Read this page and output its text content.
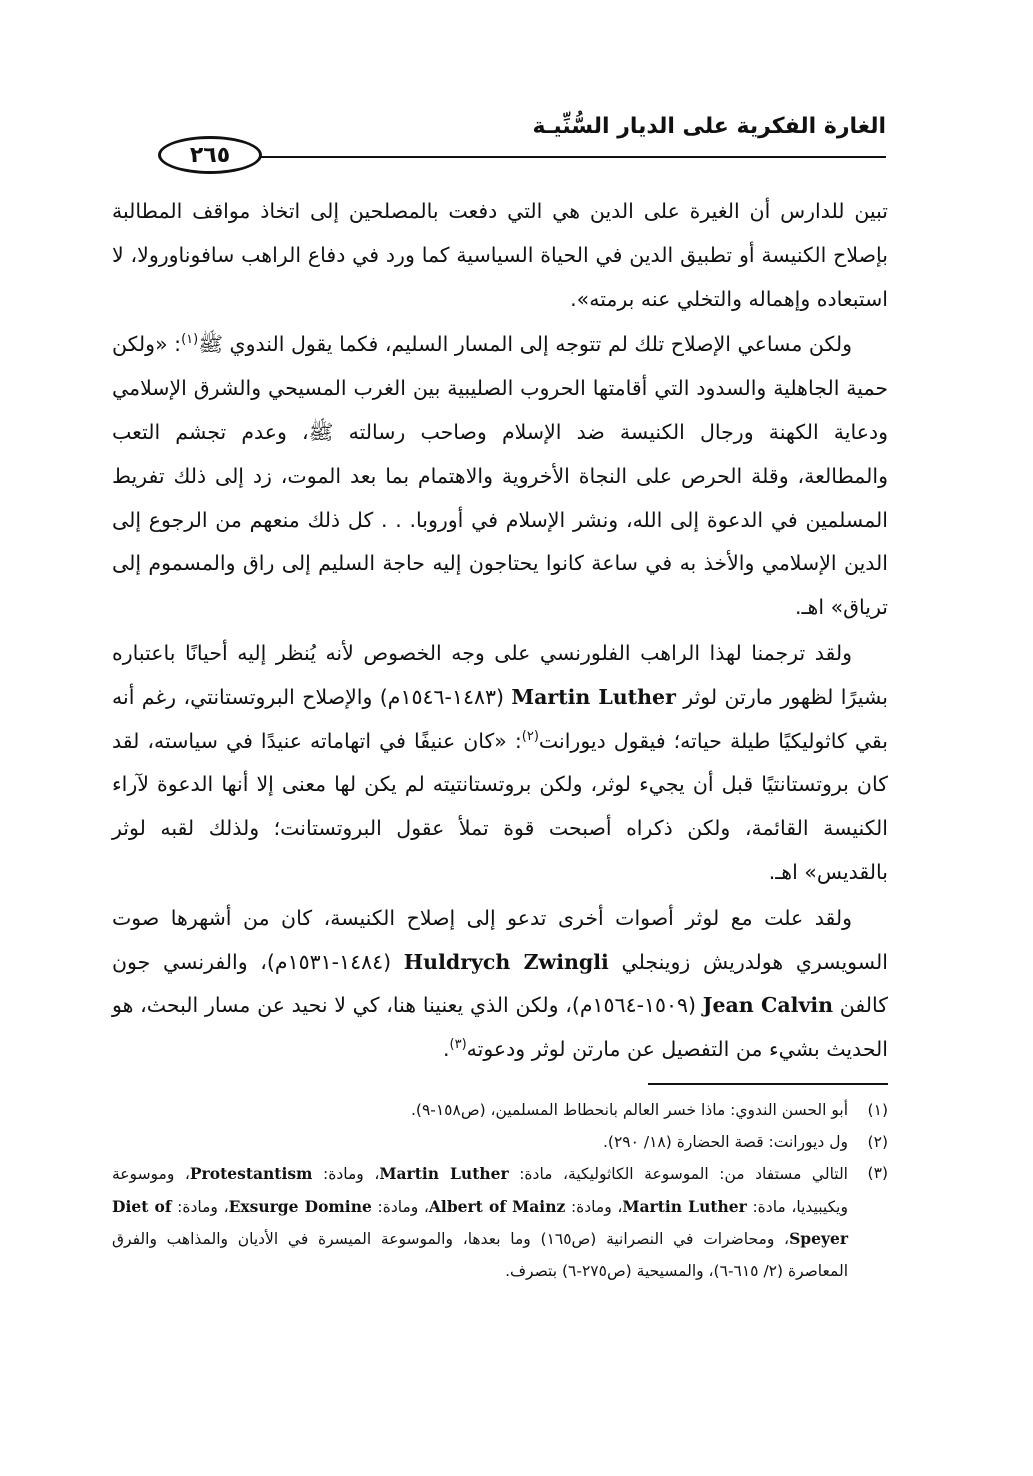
الغارة الفكرية على الديار السُّنِّيـة
٢٦٥

تبين للدارس أن الغيرة على الدين هي التي دفعت بالمصلحين إلى اتخاذ مواقف المطالبة بإصلاح الكنيسة أو تطبيق الدين في الحياة السياسية كما ورد في دفاع الراهب سافوناورولا، لا استبعاده وإهماله والتخلي عنه برمته».

ولكن مساعي الإصلاح تلك لم تتوجه إلى المسار السليم، فكما يقول الندوي ﷺ$^{(١)}$: «ولكن حمية الجاهلية والسدود التي أقامتها الحروب الصليبية بين الغرب المسيحي والشرق الإسلامي ودعاية الكهنة ورجال الكنيسة ضد الإسلام وصاحب رسالته ﷺ، وعدم تجشم التعب والمطالعة، وقلة الحرص على النجاة الأخروية والاهتمام بما بعد الموت، زد إلى ذلك تفريط المسلمين في الدعوة إلى الله، ونشر الإسلام في أوروبا. . . كل ذلك منعهم من الرجوع إلى الدين الإسلامي والأخذ به في ساعة كانوا يحتاجون إليه حاجة السليم إلى راق والمسموم إلى ترياق» اهـ.

ولقد ترجمنا لهذا الراهب الفلورنسي على وجه الخصوص لأنه يُنظر إليه أحيانًا باعتباره بشيرًا لظهور مارتن لوثر Martin Luther (١٤٨٣-١٥٤٦م) والإصلاح البروتستانتي، رغم أنه بقي كاثوليكيًا طيلة حياته؛ فيقول ديورانت$^{(٢)}$: «كان عنيفًا في اتهاماته عنيدًا في سياسته، لقد كان بروتستانتيًا قبل أن يجيء لوثر، ولكن بروتستانتيته لم يكن لها معنى إلا أنها الدعوة لآراء الكنيسة القائمة، ولكن ذكراه أصبحت قوة تملأ عقول البروتستانت؛ ولذلك لقبه لوثر بالقديس» اهـ.

ولقد علت مع لوثر أصوات أخرى تدعو إلى إصلاح الكنيسة، كان من أشهرها صوت السويسري هولدريش زوينجلي Huldrych Zwingli (١٤٨٤-١٥٣١م)، والفرنسي جون كالفن Jean Calvin (١٥٠٩-١٥٦٤م)، ولكن الذي يعنينا هنا، كي لا نحيد عن مسار البحث، هو الحديث بشيء من التفصيل عن مارتن لوثر ودعوته$^{(٣)}$.

(١)
أبو الحسن الندوي: ماذا خسر العالم بانحطاط المسلمين، (ص١٥٨-٩).
(٢)
ول ديورانت: قصة الحضارة (١٨/ ٢٩٠).
(٣)
التالي مستفاد من: الموسوعة الكاثوليكية، مادة: Martin Luther، ومادة: Protestantism، وموسوعة ويكيبيديا، مادة: Martin Luther، ومادة: Albert of Mainz، ومادة: Exsurge Domine، ومادة: Diet of Speyer، ومحاضرات في النصرانية (ص١٦٥) وما بعدها، والموسوعة الميسرة في الأديان والمذاهب والفرق المعاصرة (٢/ ٦١٥-٦)، والمسيحية (ص٢٧٥-٦) بتصرف.
